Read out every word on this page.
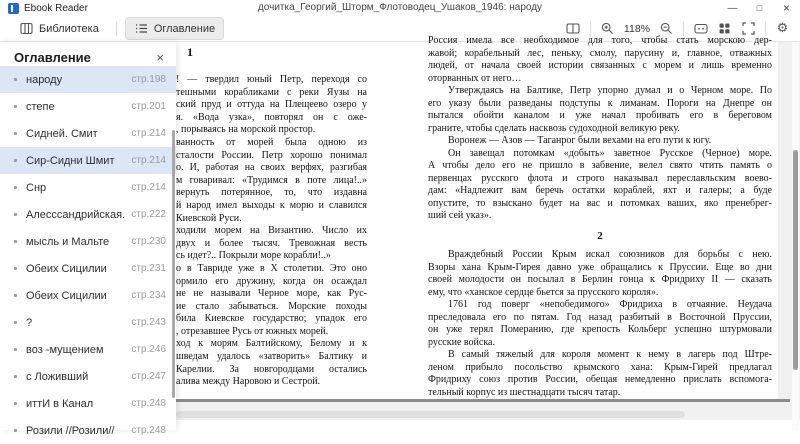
Ebook Reader	дочитка_Георгий_Шторм_Флотоводец_Ушаков_1946: народу	—	□	×
Библиотека	Оглавление	118%	⚙
1
! — твердил юный Петр, переходя со
тешными корабликами с реки Яузы на
ский пруд и оттуда на Плещеево озеро у
я. «Вода узка», повторял он с оже-
, порываясь на морской простор.
ванность от морей была одною из
сталости России. Петр хорошо понимал
о. И, работая на своих верфях, разгибая
м говаривал: «Трудимся в поте лица!..»
вернуть потерянное, то, что издавна
й народ имел выходы к морю и славился
Киевской Руси.
ходили морем на Византию. Число их
двух и более тысяч. Тревожная весть
сь идет?.. Покрыли море корабли!..»
о в Тавриде уже в X столетии. Это оно
ормило его дружину, когда он осаждал
не не называли Черное море, как Рус-
ие стало забываться. Морские походы
била Киевское государство; упадок его
, отрезавшее Русь от южных морей.
ход к морям Балтийскому, Белому и к
шведам удалось «затворить» Балтику и
Карелии. За новгородцами остались
алива между Наровою и Сестрой.
Россия имела все необходимое для того, чтобы стать морскою дер-
жавой; корабельный лес, пеньку, смолу, парусину и, главное, отважных
людей, от начала своей истории связанных с морем и лишь временно
оторванных от него…
Утверждаясь на Балтике, Петр упорно думал и о Черном море. По
его указу были разведаны подступы к лиманам. Пороги на Днепре он
пытался обойти каналом и уже начал пробивать его в береговом
граните, чтобы сделать насквозь судоходной великую реку.
Воронеж — Азов — Таганрог были вехами на его пути к югу.
Он завещал потомкам «добыть» заветное Русское (Черное) море.
А чтобы дело его не пришло в забвение, велел свято чтить память о
первенцах русского флота и строго наказывал переславльским воево-
дам: «Надлежит вам беречь остатки кораблей, яхт и галеры; а буде
опустите, то взыскано будет на вас и потомках ваших, яко пренебрег-
ший сей указ».
2
Враждебный России Крым искал союзников для борьбы с нею.
Взоры хана Крым-Гирея давно уже обращались к Пруссии. Еще во дни
своей молодости он посылал в Берлин гонца к Фридриху II — сказать
ему, что «ханское сердце бьется за прусского короля».
1761 год поверг «непобедимого» Фридриха в отчаяние. Неудача
преследовала его по пятам. Год назад разбитый в Восточной Пруссии,
он уже терял Померанию, где крепость Кольберг успешно штурмовали
русские войска.
В самый тяжелый для короля момент к нему в лагерь под Штре-
леном прибыло посольство крымского хана: Крым-Гирей предлагал
Фридриху союз против России, обещая немедленно прислать вспомога-
тельный корпус из шестнадцати тысяч татар.
Оглавление	×
народу	стр.198
степе	стр.201
Сидней. Смит	стр.214
Сир-Сидни Шмит	стр.214
Снр	стр.214
Алесссандрийская. стр.222
мысль и Мальте	стр.230
Обеих Сицилии	стр.231
Обеих Сицилии	стр.234
?	стр.243
воз -мущением	стр.246
с Ложивший	стр.247
иттИ в Канал	стр.248
Розили //Розили//	стр.248
